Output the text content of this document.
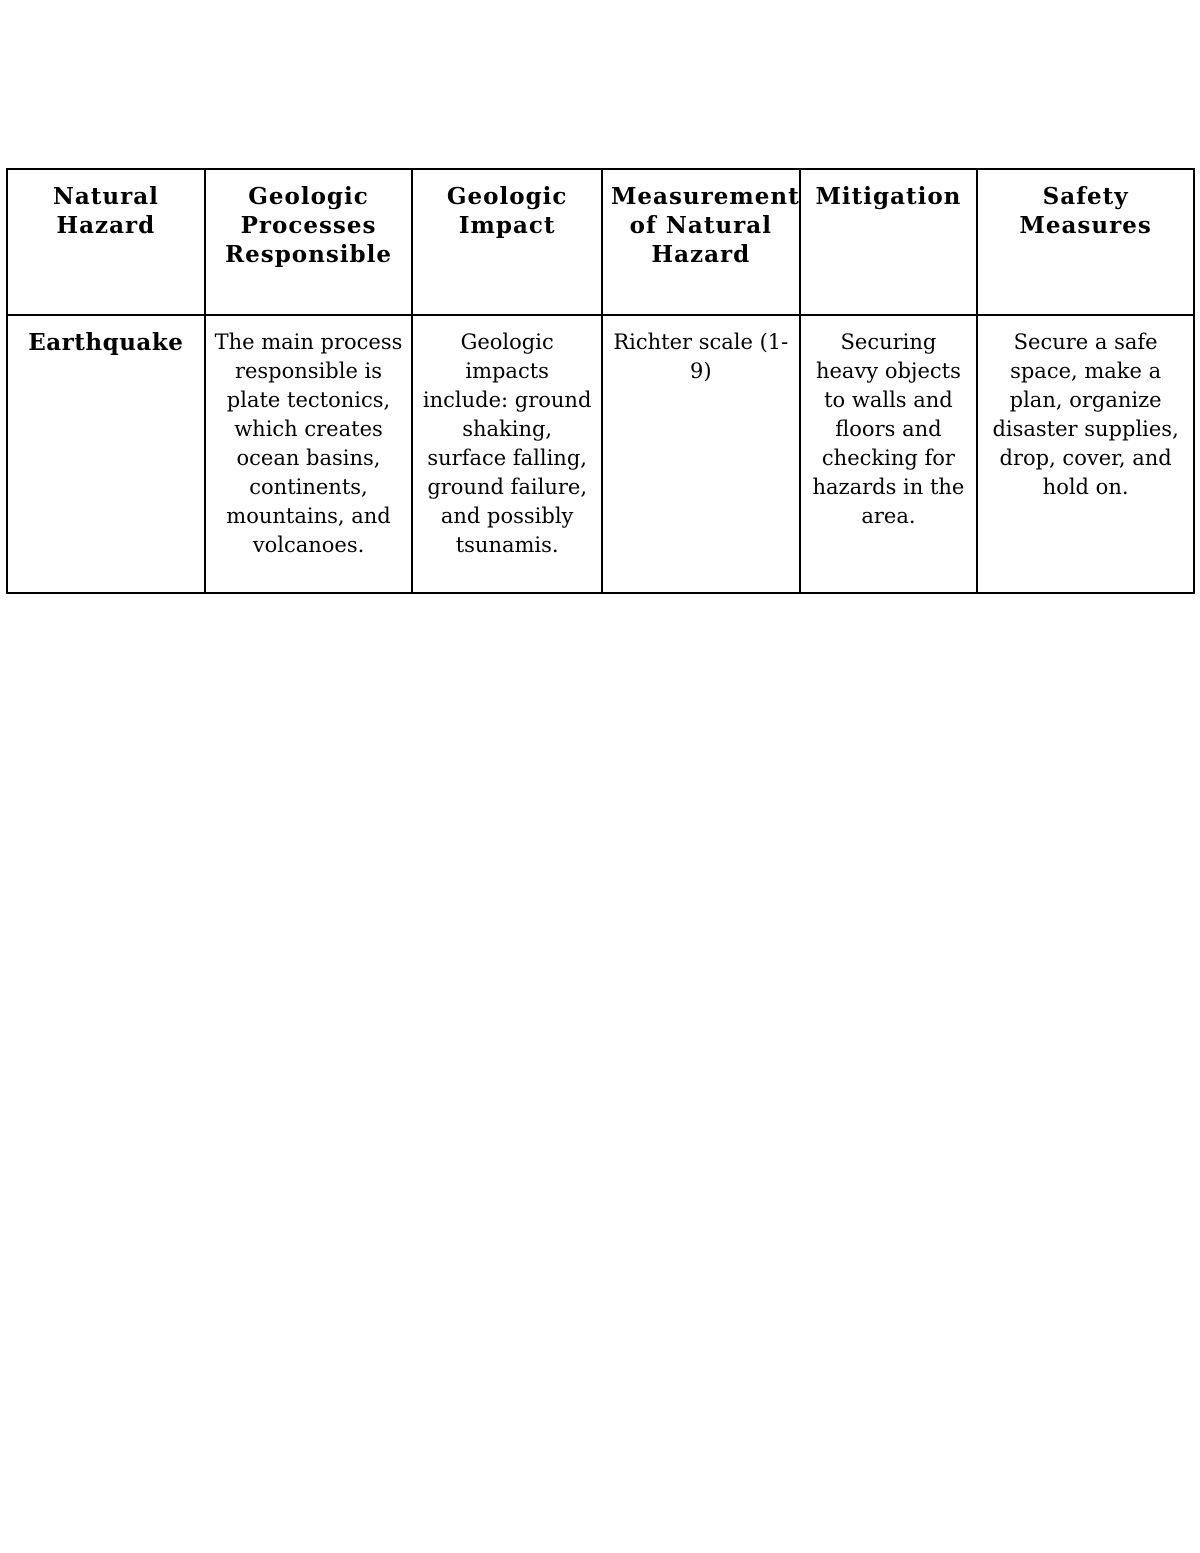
Natural Hazard	Geologic Processes Responsible	Geologic Impact	Measurement of Natural Hazard	Mitigation	Safety Measures
Earthquake	The main process responsible is plate tectonics, which creates ocean basins, continents, mountains, and volcanoes.	Geologic impacts include: ground shaking, surface falling, ground failure, and possibly tsunamis.	Richter scale (1-9)	Securing heavy objects to walls and floors and checking for hazards in the area.	Secure a safe space, make a plan, organize disaster supplies, drop, cover, and hold on.
